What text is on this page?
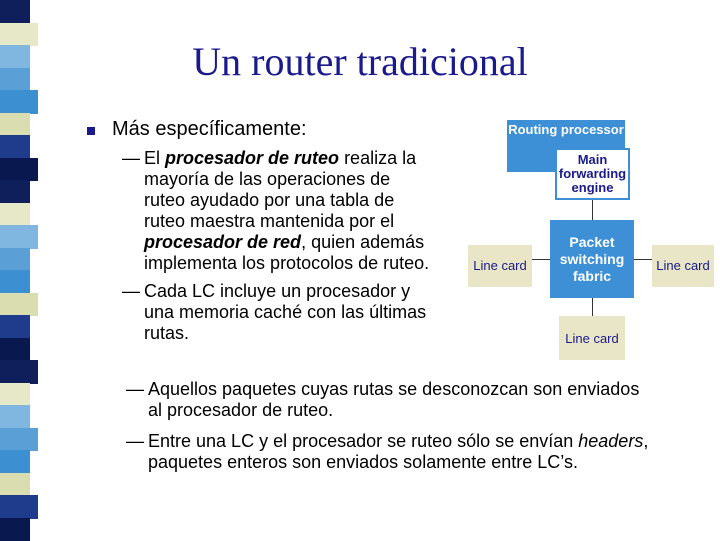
Un router tradicional
Más específicamente:
— El procesador de ruteo realiza la
mayoría de las operaciones de
ruteo ayudado por una tabla de
ruteo maestra mantenida por el
procesador de red, quien además
implementa los protocolos de ruteo.
— Cada LC incluye un procesador y
una memoria caché con las últimas
rutas.
— Aquellos paquetes cuyas rutas se desconozcan son enviados
al procesador de ruteo.
— Entre una LC y el procesador se ruteo sólo se envían headers,
paquetes enteros son enviados solamente entre LC’s.
Routing processor
Main
forwarding
engine
Packet
switching
fabric
Line card	Line card
Line card
